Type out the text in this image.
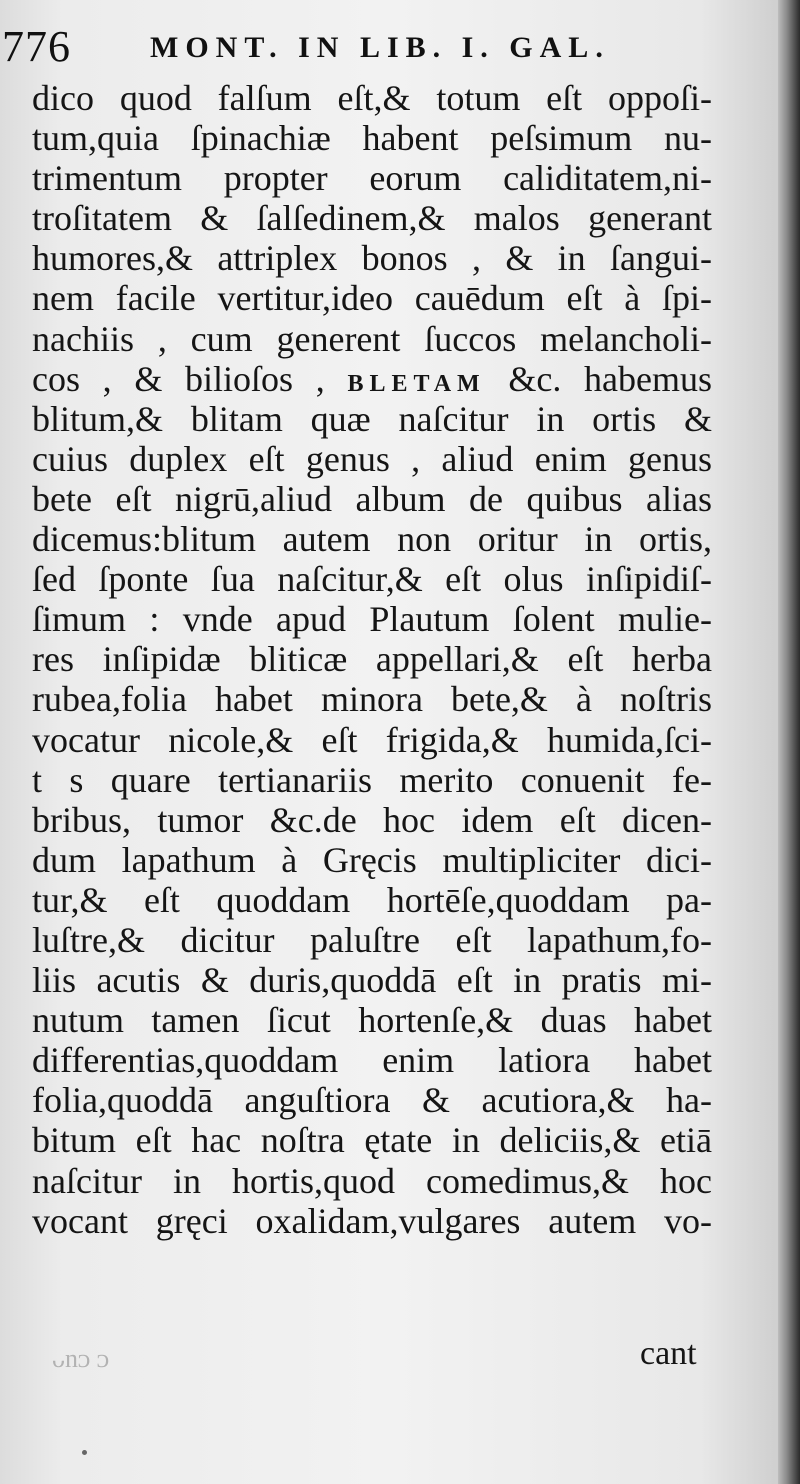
776	MONT. IN LIB. I. GAL.
dico quod falſum eſt,& totum eſt oppoſi-
tum,quia ſpinachiæ habent peſsimum nu-
trimentum propter eorum caliditatem,ni-
troſitatem & ſalſedinem,& malos generant
humores,& attriplex bonos , & in ſangui-
nem facile vertitur,ideo cauēdum eſt à ſpi-
nachiis , cum generent ſuccos melancholi-
cos , & bilioſos , BLETAM &c. habemus
blitum,& blitam quæ naſcitur in ortis &
cuius duplex eſt genus , aliud enim genus
bete eſt nigrū,aliud album de quibus alias
dicemus:blitum autem non oritur in ortis,
ſed ſponte ſua naſcitur,& eſt olus inſipidiſ-
ſimum : vnde apud Plautum ſolent mulie-
res inſipidæ bliticæ appellari,& eſt herba
rubea,folia habet minora bete,& à noſtris
vocatur nicole,& eſt frigida,& humida,ſci-
t s quare tertianariis merito conuenit fe-
bribus, tumor &c.de hoc idem eſt dicen-
dum lapathum à Gręcis multipliciter dici-
tur,& eſt quoddam hortēſe,quoddam pa-
luſtre,& dicitur paluſtre eſt lapathum,fo-
liis acutis & duris,quoddā eſt in pratis mi-
nutum tamen ſicut hortenſe,& duas habet
differentias,quoddam enim latiora habet
folia,quoddā anguſtiora & acutiora,& ha-
bitum eſt hac noſtra ętate in deliciis,& etiā
naſcitur in hortis,quod comedimus,& hoc
vocant gręci oxalidam,vulgares autem vo-
ᴗnᴐ ᴐ	cant
